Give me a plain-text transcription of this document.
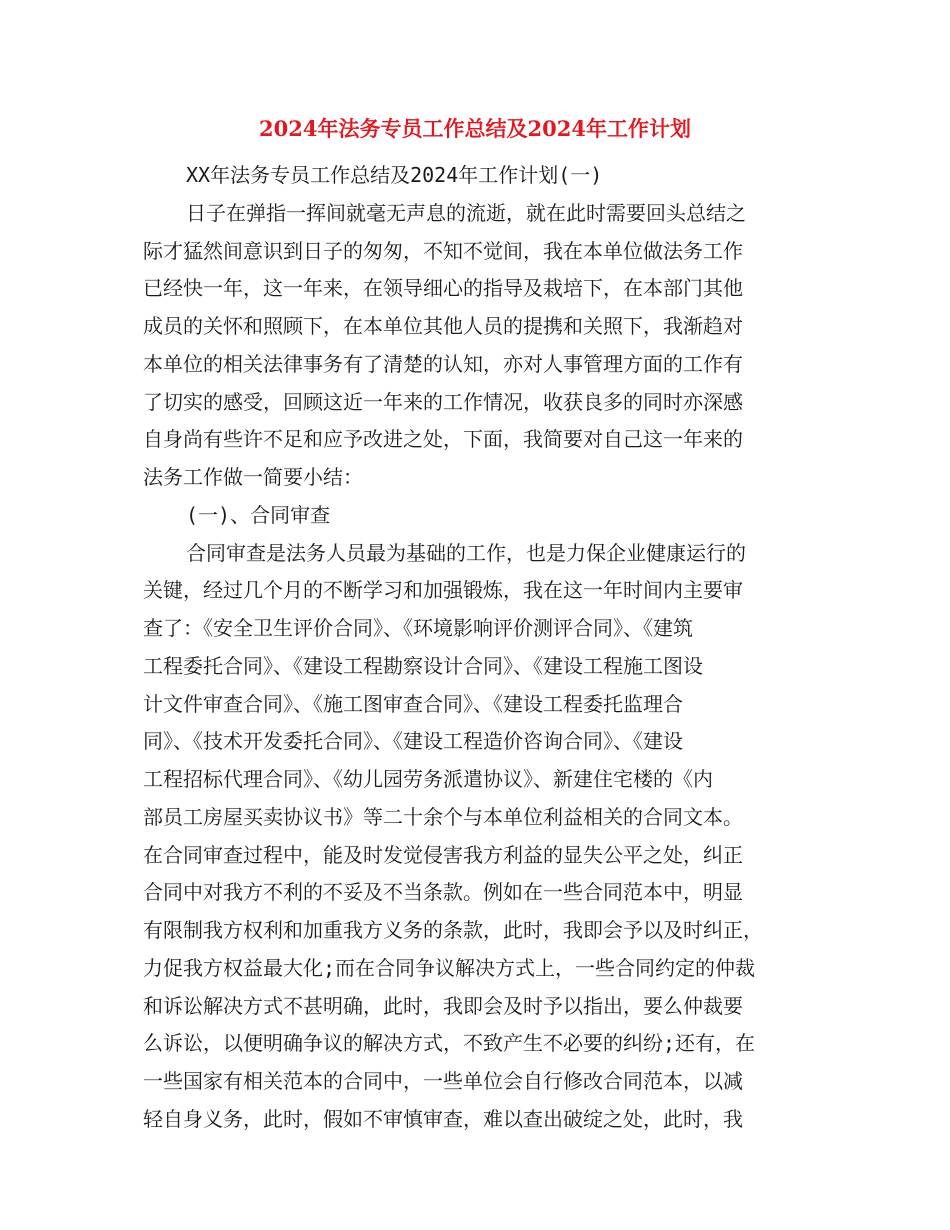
2024年法务专员工作总结及2024年工作计划

XX年法务专员工作总结及2024年工作计划(一)

日子在弹指一挥间就毫无声息的流逝，就在此时需要回头总结之

际才猛然间意识到日子的匆匆，不知不觉间，我在本单位做法务工作

已经快一年，这一年来，在领导细心的指导及栽培下，在本部门其他

成员的关怀和照顾下，在本单位其他人员的提携和关照下，我渐趋对

本单位的相关法律事务有了清楚的认知，亦对人事管理方面的工作有

了切实的感受，回顾这近一年来的工作情况，收获良多的同时亦深感

自身尚有些许不足和应予改进之处，下面，我简要对自己这一年来的

法务工作做一简要小结：

(一)、合同审查

合同审查是法务人员最为基础的工作，也是力保企业健康运行的

关键，经过几个月的不断学习和加强锻炼，我在这一年时间内主要审

查了：《安全卫生评价合同》、《环境影响评价测评合同》、《建筑

工程委托合同》、《建设工程勘察设计合同》、《建设工程施工图设

计文件审查合同》、《施工图审查合同》、《建设工程委托监理合

同》、《技术开发委托合同》、《建设工程造价咨询合同》、《建设

工程招标代理合同》、《幼儿园劳务派遣协议》、新建住宅楼的《内

部员工房屋买卖协议书》等二十余个与本单位利益相关的合同文本。

在合同审查过程中，能及时发觉侵害我方利益的显失公平之处，纠正

合同中对我方不利的不妥及不当条款。例如在一些合同范本中，明显

有限制我方权利和加重我方义务的条款，此时，我即会予以及时纠正，

力促我方权益最大化;而在合同争议解决方式上，一些合同约定的仲裁

和诉讼解决方式不甚明确，此时，我即会及时予以指出，要么仲裁要

么诉讼，以便明确争议的解决方式，不致产生不必要的纠纷;还有，在

一些国家有相关范本的合同中，一些单位会自行修改合同范本，以减

轻自身义务，此时，假如不审慎审查，难以查出破绽之处，此时，我
